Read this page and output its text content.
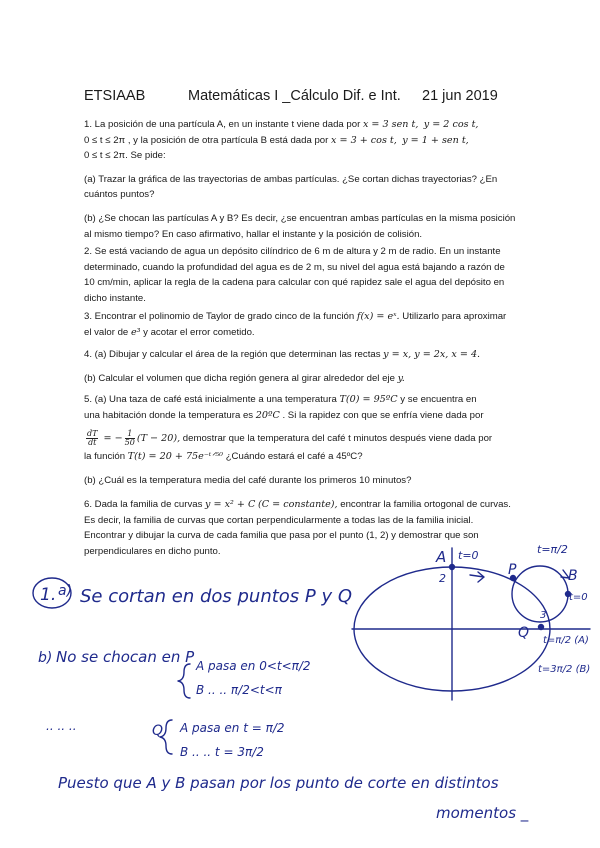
ETSIAAB	Matemáticas I _Cálculo Dif. e Int. 21 jun 2019

1. La posición de una partícula A, en un instante t viene dada por x = 3 sen t, y = 2 cos t,

0 ≤ t ≤ 2π , y la posición de otra partícula B está dada por x = 3 + cos t, y = 1 + sen t,

0 ≤ t ≤ 2π. Se pide:

(a) Trazar la gráfica de las trayectorias de ambas partículas. ¿Se cortan dichas trayectorias? ¿En cuántos puntos?

(b) ¿Se chocan las partículas A y B? Es decir, ¿se encuentran ambas partículas en la misma posición al mismo tiempo? En caso afirmativo, hallar el instante y la posición de colisión.

2. Se está vaciando de agua un depósito cilíndrico de 6 m de altura y 2 m de radio. En un instante determinado, cuando la profundidad del agua es de 2 m, su nivel del agua está bajando a razón de 10 cm/min, aplicar la regla de la cadena para calcular con qué rapidez sale el agua del depósito en dicho instante.

3. Encontrar el polinomio de Taylor de grado cinco de la función f(x) = eˣ. Utilizarlo para aproximar el valor de e³ y acotar el error cometido.

4. (a) Dibujar y calcular el área de la región que determinan las rectas y = x, y = 2x, x = 4.

(b) Calcular el volumen que dicha región genera al girar alrededor del eje y.

5. (a) Una taza de café está inicialmente a una temperatura T(0) = 95ºC y se encuentra en

una habitación donde la temperatura es 20ºC . Si la rapidez con que se enfría viene dada por

$\frac{dT}{dt}$ = − $\frac{1}{50} (T - 20)$, demostrar que la temperatura del café t minutos después viene dada por

la función T(t) = 20 + 75e⁻ᵗᐟ⁵⁰ ¿Cuándo estará el café a 45ºC?

(b) ¿Cuál es la temperatura media del café durante los primeros 10 minutos?

6. Dada la familia de curvas y = x² + C (C = constante), encontrar la familia ortogonal de curvas. Es decir, la familia de curvas que cortan perpendicularmente a todas las de la familia inicial. Encontrar y dibujar la curva de cada familia que pasa por el punto (1, 2) y demostrar que son perpendiculares en dicho punto.	A t=0
2
P
Q
3
B
t=π/2
t=0
t=π/2 (A)
t=3π/2 (B)
1. a) Se cortan en dos puntos P y Q
b) No se chocan en P A pasa en 0<t<π/2
B .. .. π/2<t<π
.. .. ..	Q A pasa en t = π/2
B .. .. t = 3π/2
Puesto que A y B pasan por los punto de corte en distintos
momentos _
